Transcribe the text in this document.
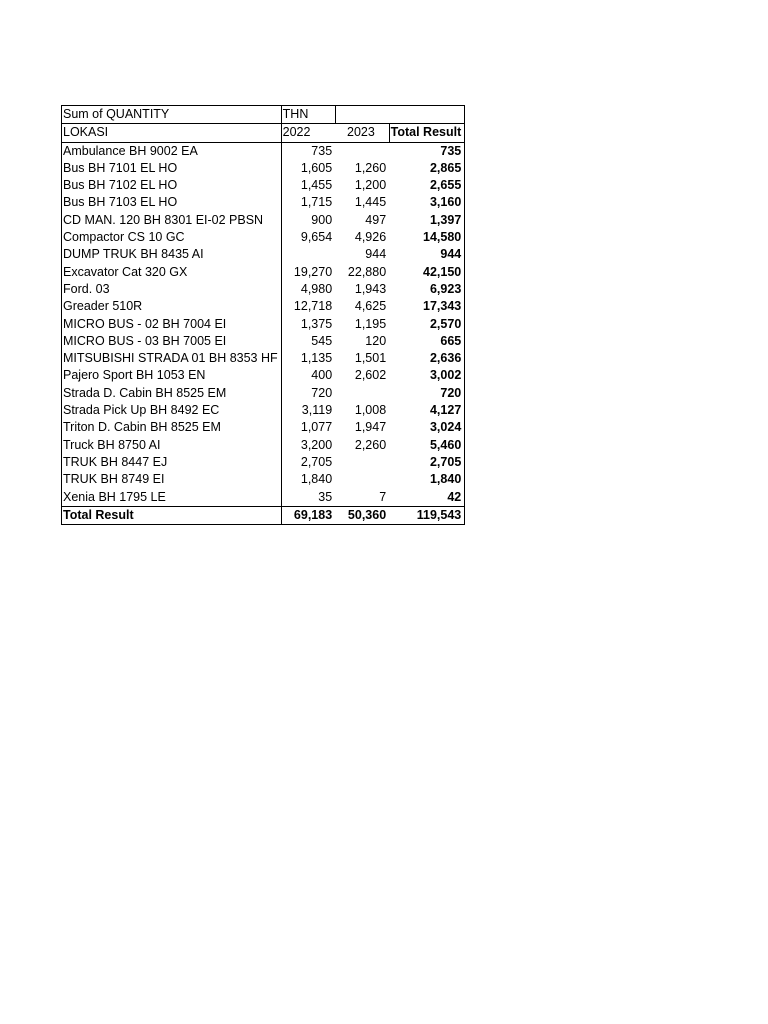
Sum of QUANTITY	THN		
LOKASI	2022	2023	Total Result
Ambulance BH 9002 EA	735		735
Bus BH 7101 EL HO	1,605	1,260	2,865
Bus BH 7102 EL HO	1,455	1,200	2,655
Bus BH 7103 EL HO	1,715	1,445	3,160
CD MAN. 120 BH 8301 EI-02 PBSN	900	497	1,397
Compactor CS 10 GC	9,654	4,926	14,580
DUMP TRUK BH 8435 AI		944	944
Excavator Cat 320 GX	19,270	22,880	42,150
Ford. 03	4,980	1,943	6,923
Greader 510R	12,718	4,625	17,343
MICRO BUS - 02 BH 7004 EI	1,375	1,195	2,570
MICRO BUS - 03 BH 7005 EI	545	120	665
MITSUBISHI STRADA 01 BH 8353 HF	1,135	1,501	2,636
Pajero Sport BH 1053 EN	400	2,602	3,002
Strada D. Cabin BH 8525 EM	720		720
Strada Pick Up BH 8492 EC	3,119	1,008	4,127
Triton D. Cabin BH 8525 EM	1,077	1,947	3,024
Truck BH 8750 AI	3,200	2,260	5,460
TRUK BH 8447 EJ	2,705		2,705
TRUK BH 8749 EI	1,840		1,840
Xenia BH 1795 LE	35	7	42
Total Result	69,183	50,360	119,543
